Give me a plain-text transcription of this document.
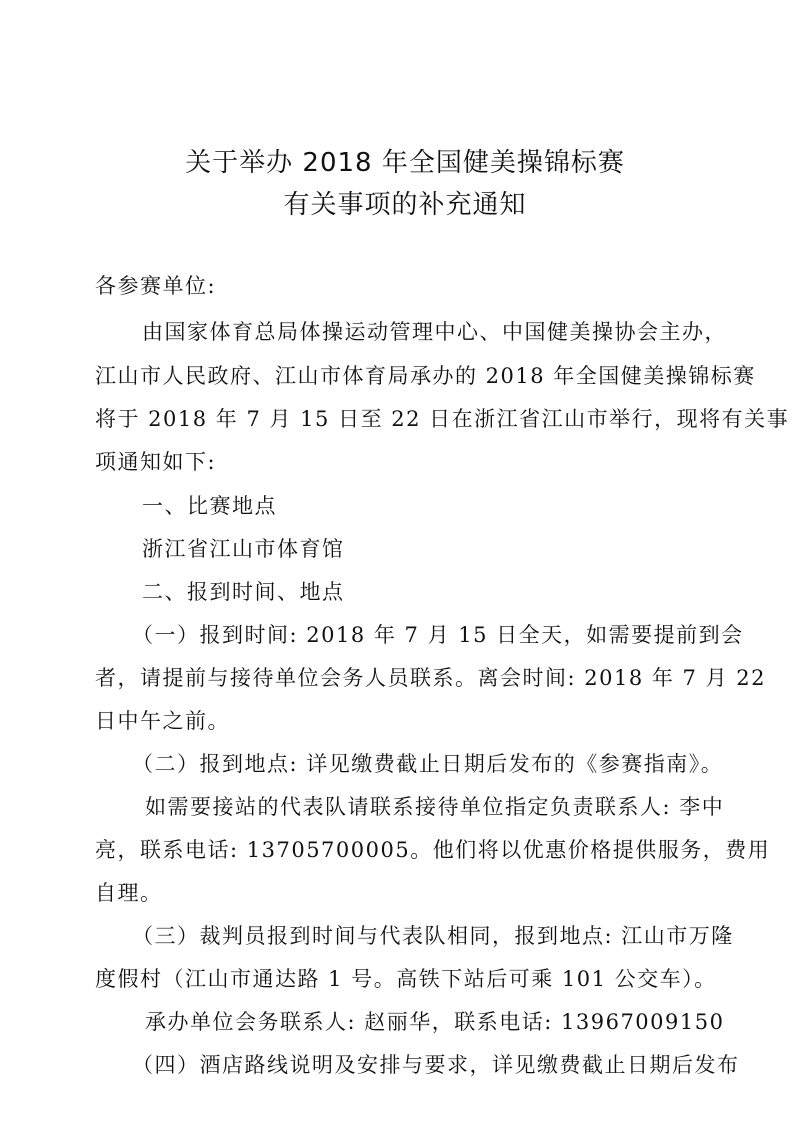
关于举办 2018 年全国健美操锦标赛
有关事项的补充通知
各参赛单位:
由国家体育总局体操运动管理中心、中国健美操协会主办，
江山市人民政府、江山市体育局承办的 2018 年全国健美操锦标赛
将于 2018 年 7 月 15 日至 22 日在浙江省江山市举行，现将有关事
项通知如下:
一、比赛地点
浙江省江山市体育馆
二、报到时间、地点
（一）报到时间: 2018 年 7 月 15 日全天，如需要提前到会
者，请提前与接待单位会务人员联系。离会时间: 2018 年 7 月 22
日中午之前。
（二）报到地点: 详见缴费截止日期后发布的《参赛指南》。
如需要接站的代表队请联系接待单位指定负责联系人: 李中
亮，联系电话: 13705700005。他们将以优惠价格提供服务，费用
自理。
（三）裁判员报到时间与代表队相同，报到地点: 江山市万隆
度假村（江山市通达路 1 号。高铁下站后可乘 101 公交车）。
承办单位会务联系人: 赵丽华，联系电话: 13967009150
（四）酒店路线说明及安排与要求，详见缴费截止日期后发布
